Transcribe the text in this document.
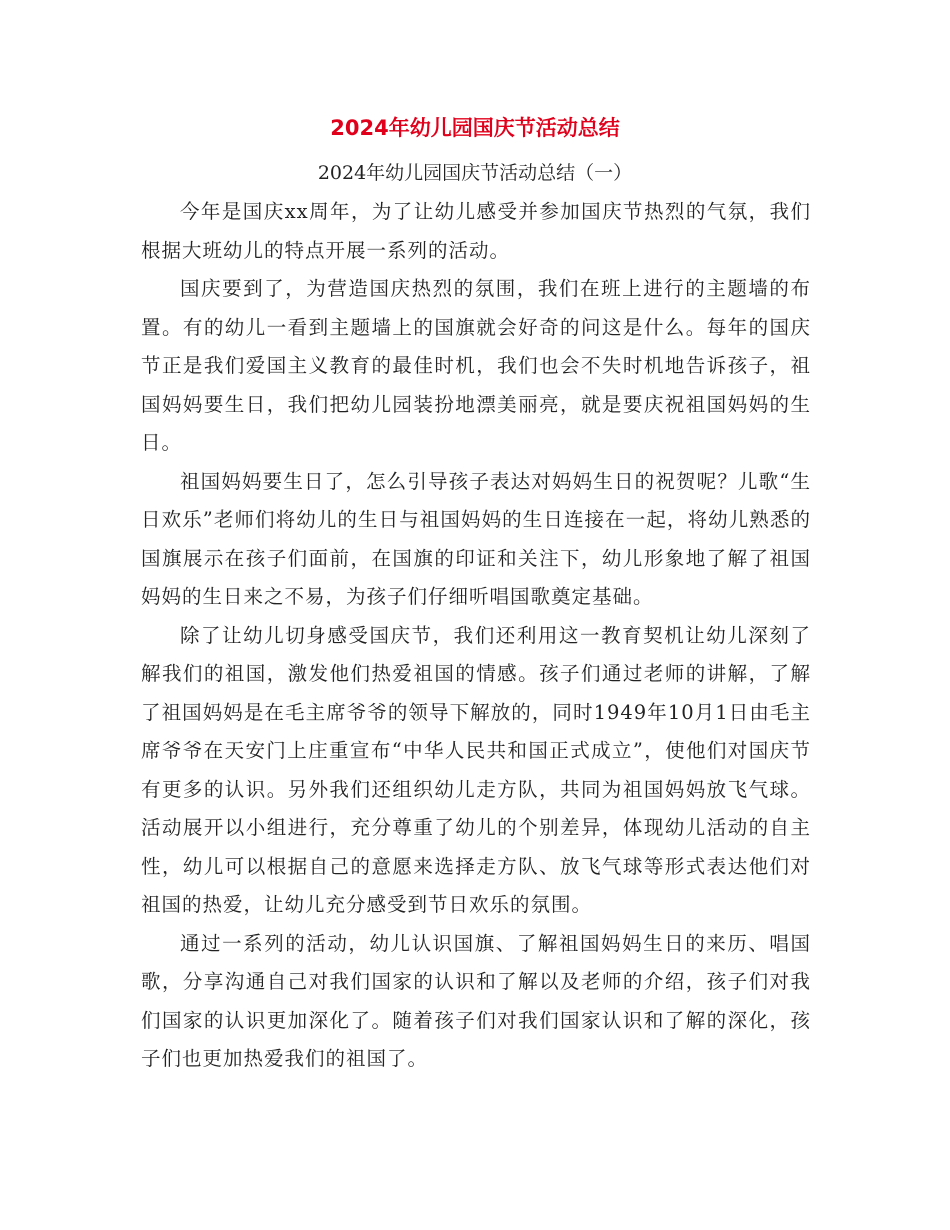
2024年幼儿园国庆节活动总结
2024年幼儿园国庆节活动总结（一）

今年是国庆xx周年，为了让幼儿感受并参加国庆节热烈的气氛，我们根据大班幼儿的特点开展一系列的活动。

国庆要到了，为营造国庆热烈的氛围，我们在班上进行的主题墙的布置。有的幼儿一看到主题墙上的国旗就会好奇的问这是什么。每年的国庆节正是我们爱国主义教育的最佳时机，我们也会不失时机地告诉孩子，祖国妈妈要生日，我们把幼儿园装扮地漂美丽亮，就是要庆祝祖国妈妈的生日。

祖国妈妈要生日了，怎么引导孩子表达对妈妈生日的祝贺呢？儿歌“生日欢乐”老师们将幼儿的生日与祖国妈妈的生日连接在一起，将幼儿熟悉的国旗展示在孩子们面前，在国旗的印证和关注下，幼儿形象地了解了祖国妈妈的生日来之不易，为孩子们仔细听唱国歌奠定基础。

除了让幼儿切身感受国庆节，我们还利用这一教育契机让幼儿深刻了解我们的祖国，激发他们热爱祖国的情感。孩子们通过老师的讲解，了解了祖国妈妈是在毛主席爷爷的领导下解放的，同时1949年10月1日由毛主席爷爷在天安门上庄重宣布“中华人民共和国正式成立”，使他们对国庆节有更多的认识。另外我们还组织幼儿走方队，共同为祖国妈妈放飞气球。活动展开以小组进行，充分尊重了幼儿的个别差异，体现幼儿活动的自主性，幼儿可以根据自己的意愿来选择走方队、放飞气球等形式表达他们对祖国的热爱，让幼儿充分感受到节日欢乐的氛围。

通过一系列的活动，幼儿认识国旗、了解祖国妈妈生日的来历、唱国歌，分享沟通自己对我们国家的认识和了解以及老师的介绍，孩子们对我们国家的认识更加深化了。随着孩子们对我们国家认识和了解的深化，孩子们也更加热爱我们的祖国了。
